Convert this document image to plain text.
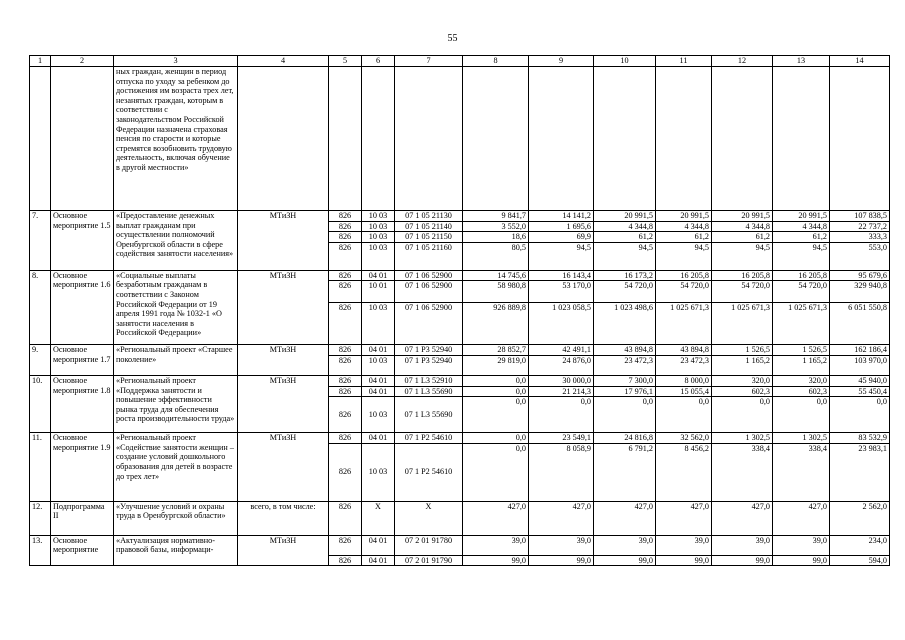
55
1	2	3	4	5	6	7	8	9	10	11	12	13	14
		ных граждан, женщин в период отпуска по уходу за ребенком до достижения им возраста трех лет, незанятых граждан, которым в соответствии с законодательством Российской Федерации назначена страховая пенсия по старости и которые стремятся возобновить трудовую деятельность, включая обучение в другой местности»											
7.	Основное мероприятие 1.5	«Предоставление денежных выплат гражданам при осуществлении полномочий Оренбургской области в сфере содействия занятости населения»	МТиЗН	826	10 03	07 1 05 21130	9 841,7	14 141,2	20 991,5	20 991,5	20 991,5	20 991,5	107 838,5
				826	10 03	07 1 05 21140	3 552,0	1 695,6	4 344,8	4 344,8	4 344,8	4 344,8	22 737,2
				826	10 03	07 1 05 21150	18,6	69,9	61,2	61,2	61,2	61,2	333,3
				826	10 03	07 1 05 21160	80,5	94,5	94,5	94,5	94,5	94,5	553,0
8.	Основное мероприятие 1.6	«Социальные выплаты безработным гражданам в соответствии с Законом Российской Федерации от 19 апреля 1991 года № 1032-1 «О занятости населения в Российской Федерации»	МТиЗН	826	04 01	07 1 06 52900	14 745,6	16 143,4	16 173,2	16 205,8	16 205,8	16 205,8	95 679,6
				826	10 01	07 1 06 52900	58 980,8	53 170,0	54 720,0	54 720,0	54 720,0	54 720,0	329 940,8
				826	10 03	07 1 06 52900	926 889,8	1 023 058,5	1 023 498,6	1 025 671,3	1 025 671,3	1 025 671,3	6 051 550,8
9.	Основное мероприятие 1.7	«Региональный проект «Старшее поколение»	МТиЗН	826	04 01	07 1 P3 52940	28 852,7	42 491,1	43 894,8	43 894,8	1 526,5	1 526,5	162 186,4
				826	10 03	07 1 P3 52940	29 819,0	24 876,0	23 472,3	23 472,3	1 165,2	1 165,2	103 970,0
10.	Основное мероприятие 1.8	«Региональный проект «Поддержка занятости и повышение эффективности рынка труда для обеспечения роста производительности труда»	МТиЗН	826	04 01	07 1 L3 52910	0,0	30 000,0	7 300,0	8 000,0	320,0	320,0	45 940,0
				826	04 01	07 1 L3 55690	0,0	21 214,3	17 976,1	15 055,4	602,3	602,3	55 450,4
				826	10 03	07 1 L3 55690	0,0	0,0	0,0	0,0	0,0	0,0	0,0
11.	Основное мероприятие 1.9	«Региональный проект «Содействие занятости женщин – создание условий дошкольного образования для детей в возрасте до трех лет»	МТиЗН	826	04 01	07 1 P2 54610	0,0	23 549,1	24 816,8	32 562,0	1 302,5	1 302,5	83 532,9
				826	10 03	07 1 P2 54610	0,0	8 058,9	6 791,2	8 456,2	338,4	338,4	23 983,1
12.	Подпрограмма II	«Улучшение условий и охраны труда в Оренбургской области»	всего, в том числе:	826	X	X	427,0	427,0	427,0	427,0	427,0	427,0	2 562,0
13.	Основное мероприятие	«Актуализация нормативно-правовой базы, информаци-	МТиЗН	826	04 01	07 2 01 91780	39,0	39,0	39,0	39,0	39,0	39,0	234,0
				826	04 01	07 2 01 91790	99,0	99,0	99,0	99,0	99,0	99,0	594,0
